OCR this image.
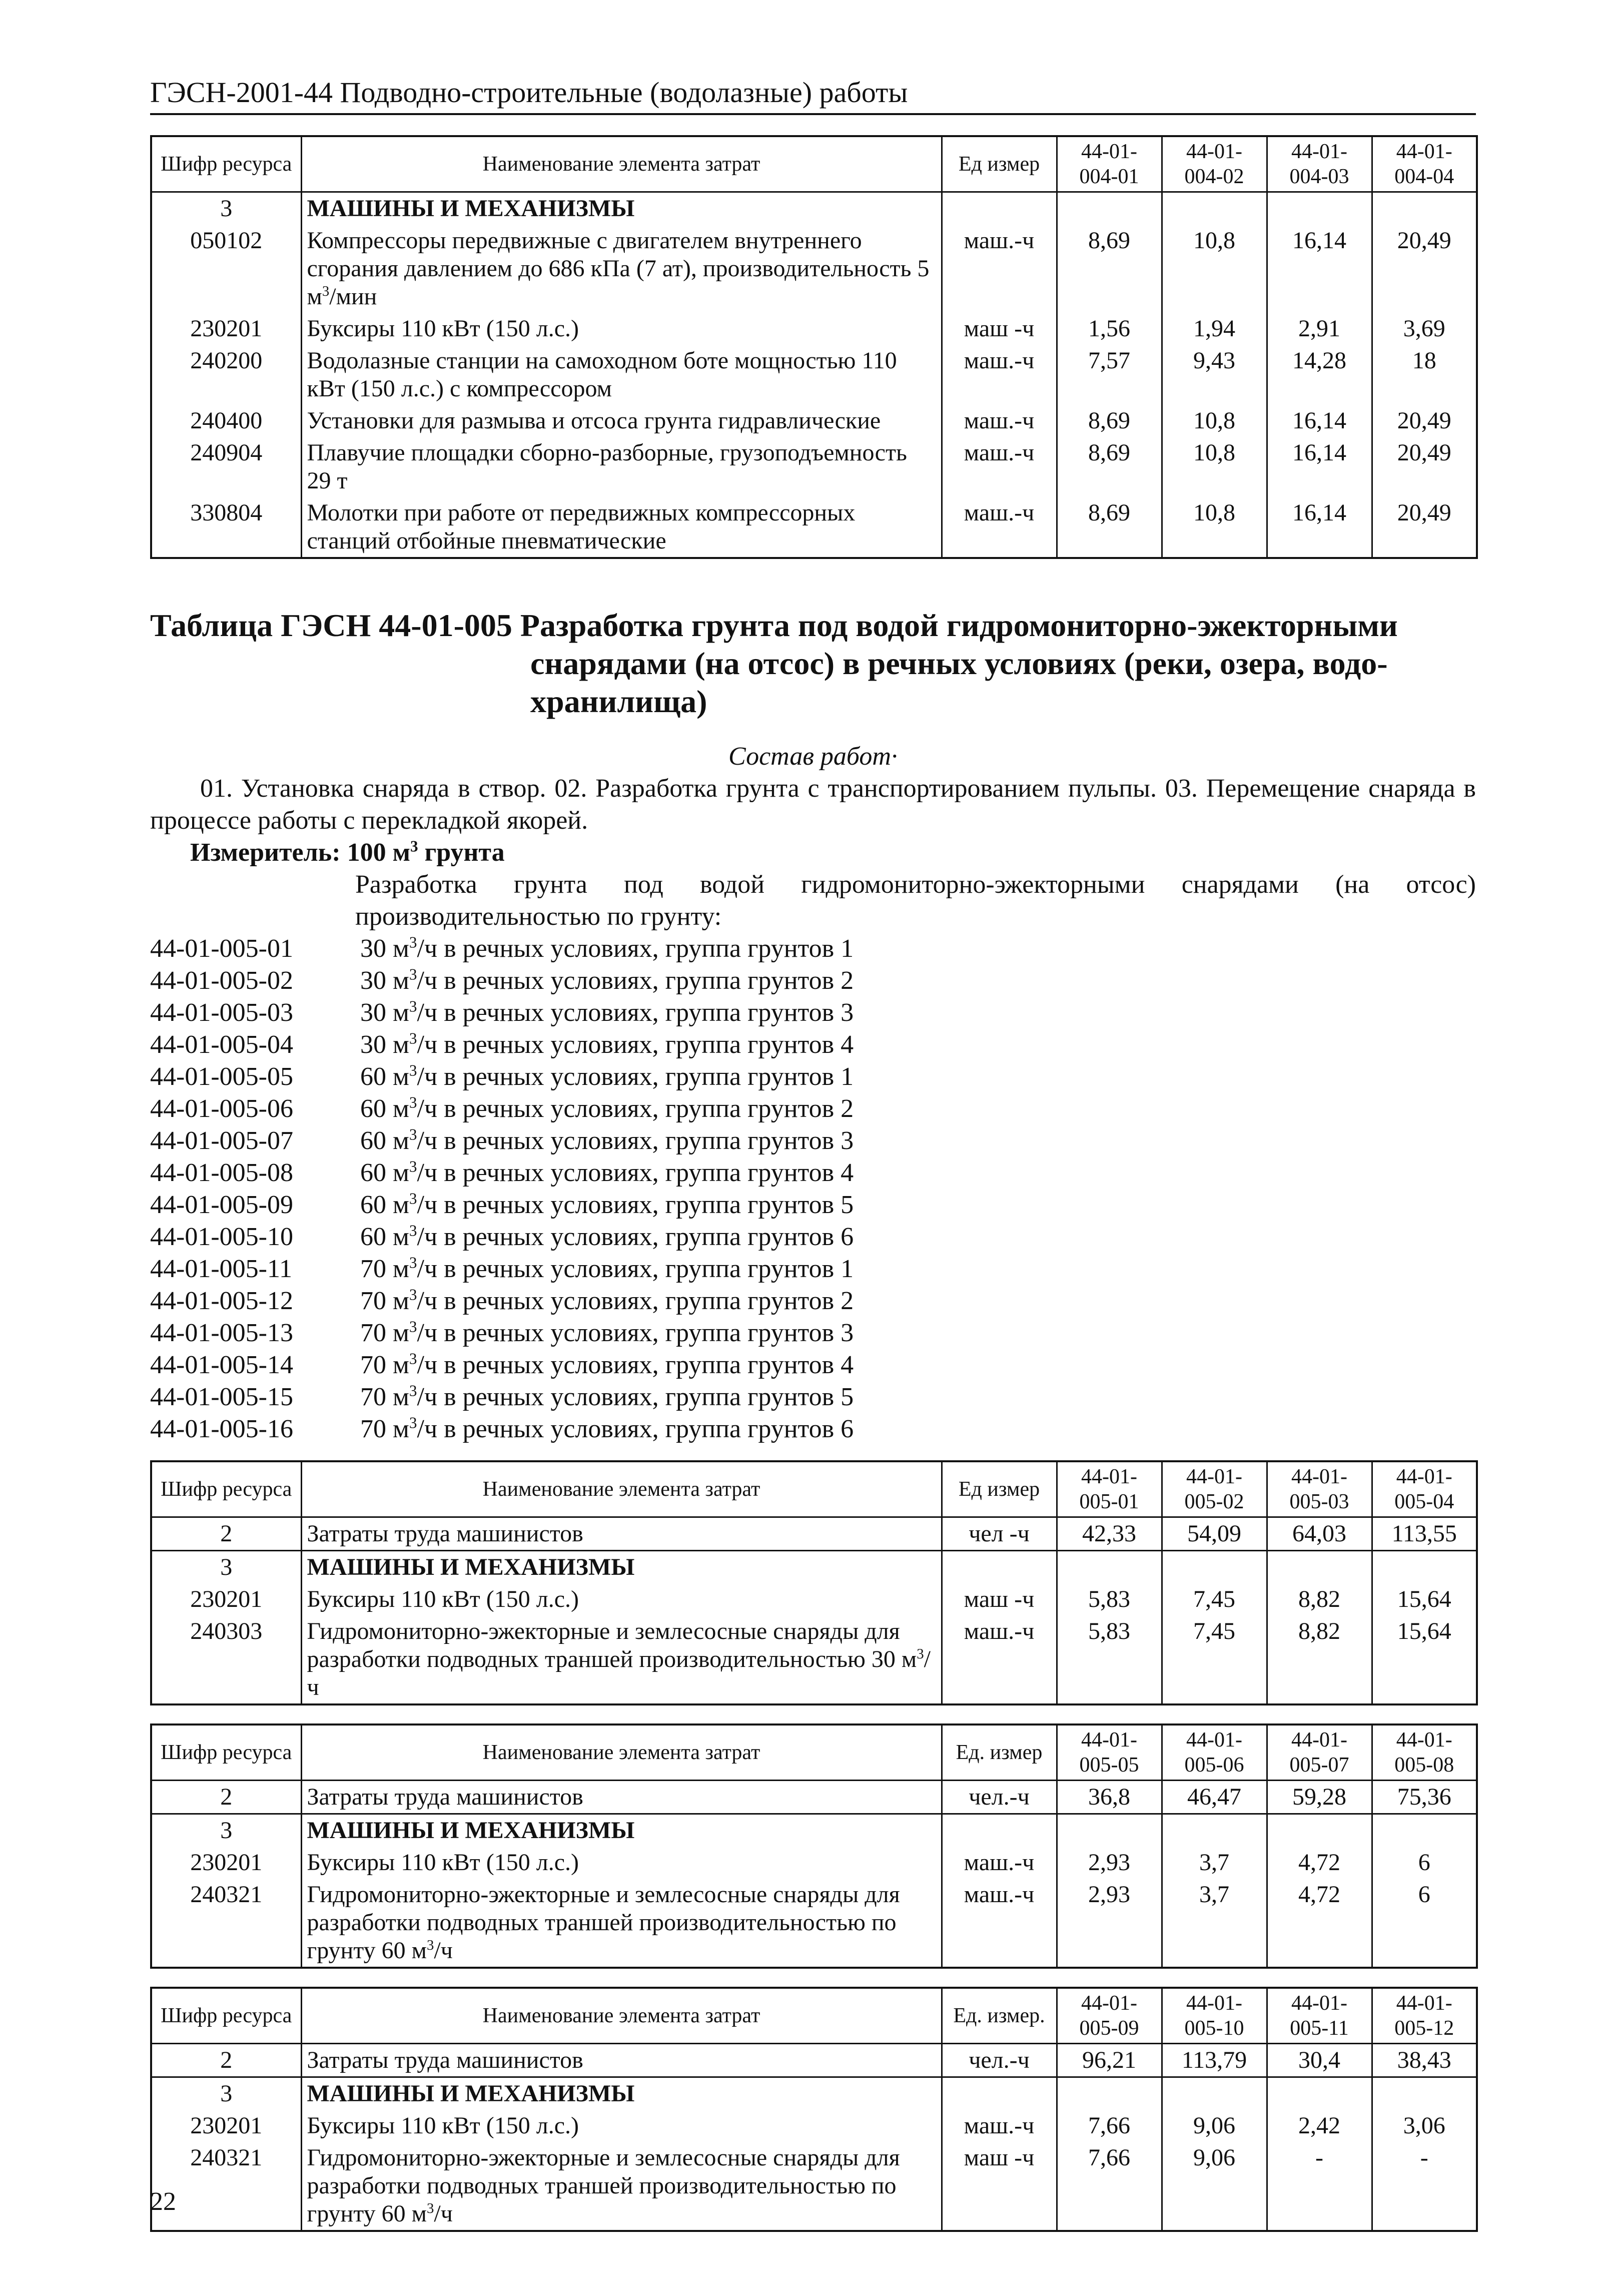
ГЭСН-2001-44 Подводно-строительные (водолазные) работы
Шифр ресурса	Наименование элемента затрат	Ед измер	44-01-004-01	44-01-004-02	44-01-004-03	44-01-004-04
3	МАШИНЫ И МЕХАНИЗМЫ					
050102	Компрессоры передвижные с двигателем внутреннего сгорания давлением до 686 кПа (7 ат), производительность 5 $м^3$/мин	маш.-ч	8,69	10,8	16,14	20,49
230201	Буксиры 110 кВт (150 л.с.)	маш -ч	1,56	1,94	2,91	3,69
240200	Водолазные станции на самоходном боте мощностью 110 кВт (150 л.с.) с компрессором	маш.-ч	7,57	9,43	14,28	18
240400	Установки для размыва и отсоса грунта гидравлические	маш.-ч	8,69	10,8	16,14	20,49
240904	Плавучие площадки сборно-разборные, грузоподъемность 29 т	маш.-ч	8,69	10,8	16,14	20,49
330804	Молотки при работе от передвижных компрессорных станций отбойные пневматические	маш.-ч	8,69	10,8	16,14	20,49
Таблица ГЭСН 44-01-005 Разработка грунта под водой гидромониторно-эжекторными
снарядами (на отсос) в речных условиях (реки, озера, водо-
хранилища)
Состав работ·
01. Установка снаряда в створ. 02. Разработка грунта с транспортированием пульпы. 03. Перемещение снаряда в процессе работы с перекладкой якорей.
Измеритель: 100 $м^3$ грунта
Разработка грунта под водой гидромониторно-эжекторными снарядами (на отсос) производительностью по грунту:
44-01-005-01	30 $м^3/ч$ в речных условиях, группа грунтов 1
44-01-005-02	30 $м^3/ч$ в речных условиях, группа грунтов 2
44-01-005-03	30 $м^3/ч$ в речных условиях, группа грунтов 3
44-01-005-04	30 $м^3/ч$ в речных условиях, группа грунтов 4
44-01-005-05	60 $м^3/ч$ в речных условиях, группа грунтов 1
44-01-005-06	60 $м^3/ч$ в речных условиях, группа грунтов 2
44-01-005-07	60 $м^3/ч$ в речных условиях, группа грунтов 3
44-01-005-08	60 $м^3/ч$ в речных условиях, группа грунтов 4
44-01-005-09	60 $м^3/ч$ в речных условиях, группа грунтов 5
44-01-005-10	60 $м^3/ч$ в речных условиях, группа грунтов 6
44-01-005-11	70 $м^3/ч$ в речных условиях, группа грунтов 1
44-01-005-12	70 $м^3/ч$ в речных условиях, группа грунтов 2
44-01-005-13	70 $м^3/ч$ в речных условиях, группа грунтов 3
44-01-005-14	70 $м^3/ч$ в речных условиях, группа грунтов 4
44-01-005-15	70 $м^3/ч$ в речных условиях, группа грунтов 5
44-01-005-16	70 $м^3/ч$ в речных условиях, группа грунтов 6
Шифр ресурса	Наименование элемента затрат	Ед измер	44-01-005-01	44-01-005-02	44-01-005-03	44-01-005-04
2	Затраты труда машинистов	чел -ч	42,33	54,09	64,03	113,55
3	МАШИНЫ И МЕХАНИЗМЫ					
230201	Буксиры 110 кВт (150 л.с.)	маш -ч	5,83	7,45	8,82	15,64
240303	Гидромониторно-эжекторные и землесосные снаряды для разработки подводных траншей производительностью 30 $м^3/ч$	маш.-ч	5,83	7,45	8,82	15,64
Шифр ресурса	Наименование элемента затрат	Ед. измер	44-01-005-05	44-01-005-06	44-01-005-07	44-01-005-08
2	Затраты труда машинистов	чел.-ч	36,8	46,47	59,28	75,36
3	МАШИНЫ И МЕХАНИЗМЫ					
230201	Буксиры 110 кВт (150 л.с.)	маш.-ч	2,93	3,7	4,72	6
240321	Гидромониторно-эжекторные и землесосные снаряды для разработки подводных траншей производительностью по грунту 60 $м^3/ч$	маш.-ч	2,93	3,7	4,72	6
Шифр ресурса	Наименование элемента затрат	Ед. измер.	44-01-005-09	44-01-005-10	44-01-005-11	44-01-005-12
2	Затраты труда машинистов	чел.-ч	96,21	113,79	30,4	38,43
3	МАШИНЫ И МЕХАНИЗМЫ					
230201	Буксиры 110 кВт (150 л.с.)	маш.-ч	7,66	9,06	2,42	3,06
240321	Гидромониторно-эжекторные и землесосные снаряды для разработки подводных траншей производительностью по грунту 60 $м^3/ч$	маш -ч	7,66	9,06	-	-
22
